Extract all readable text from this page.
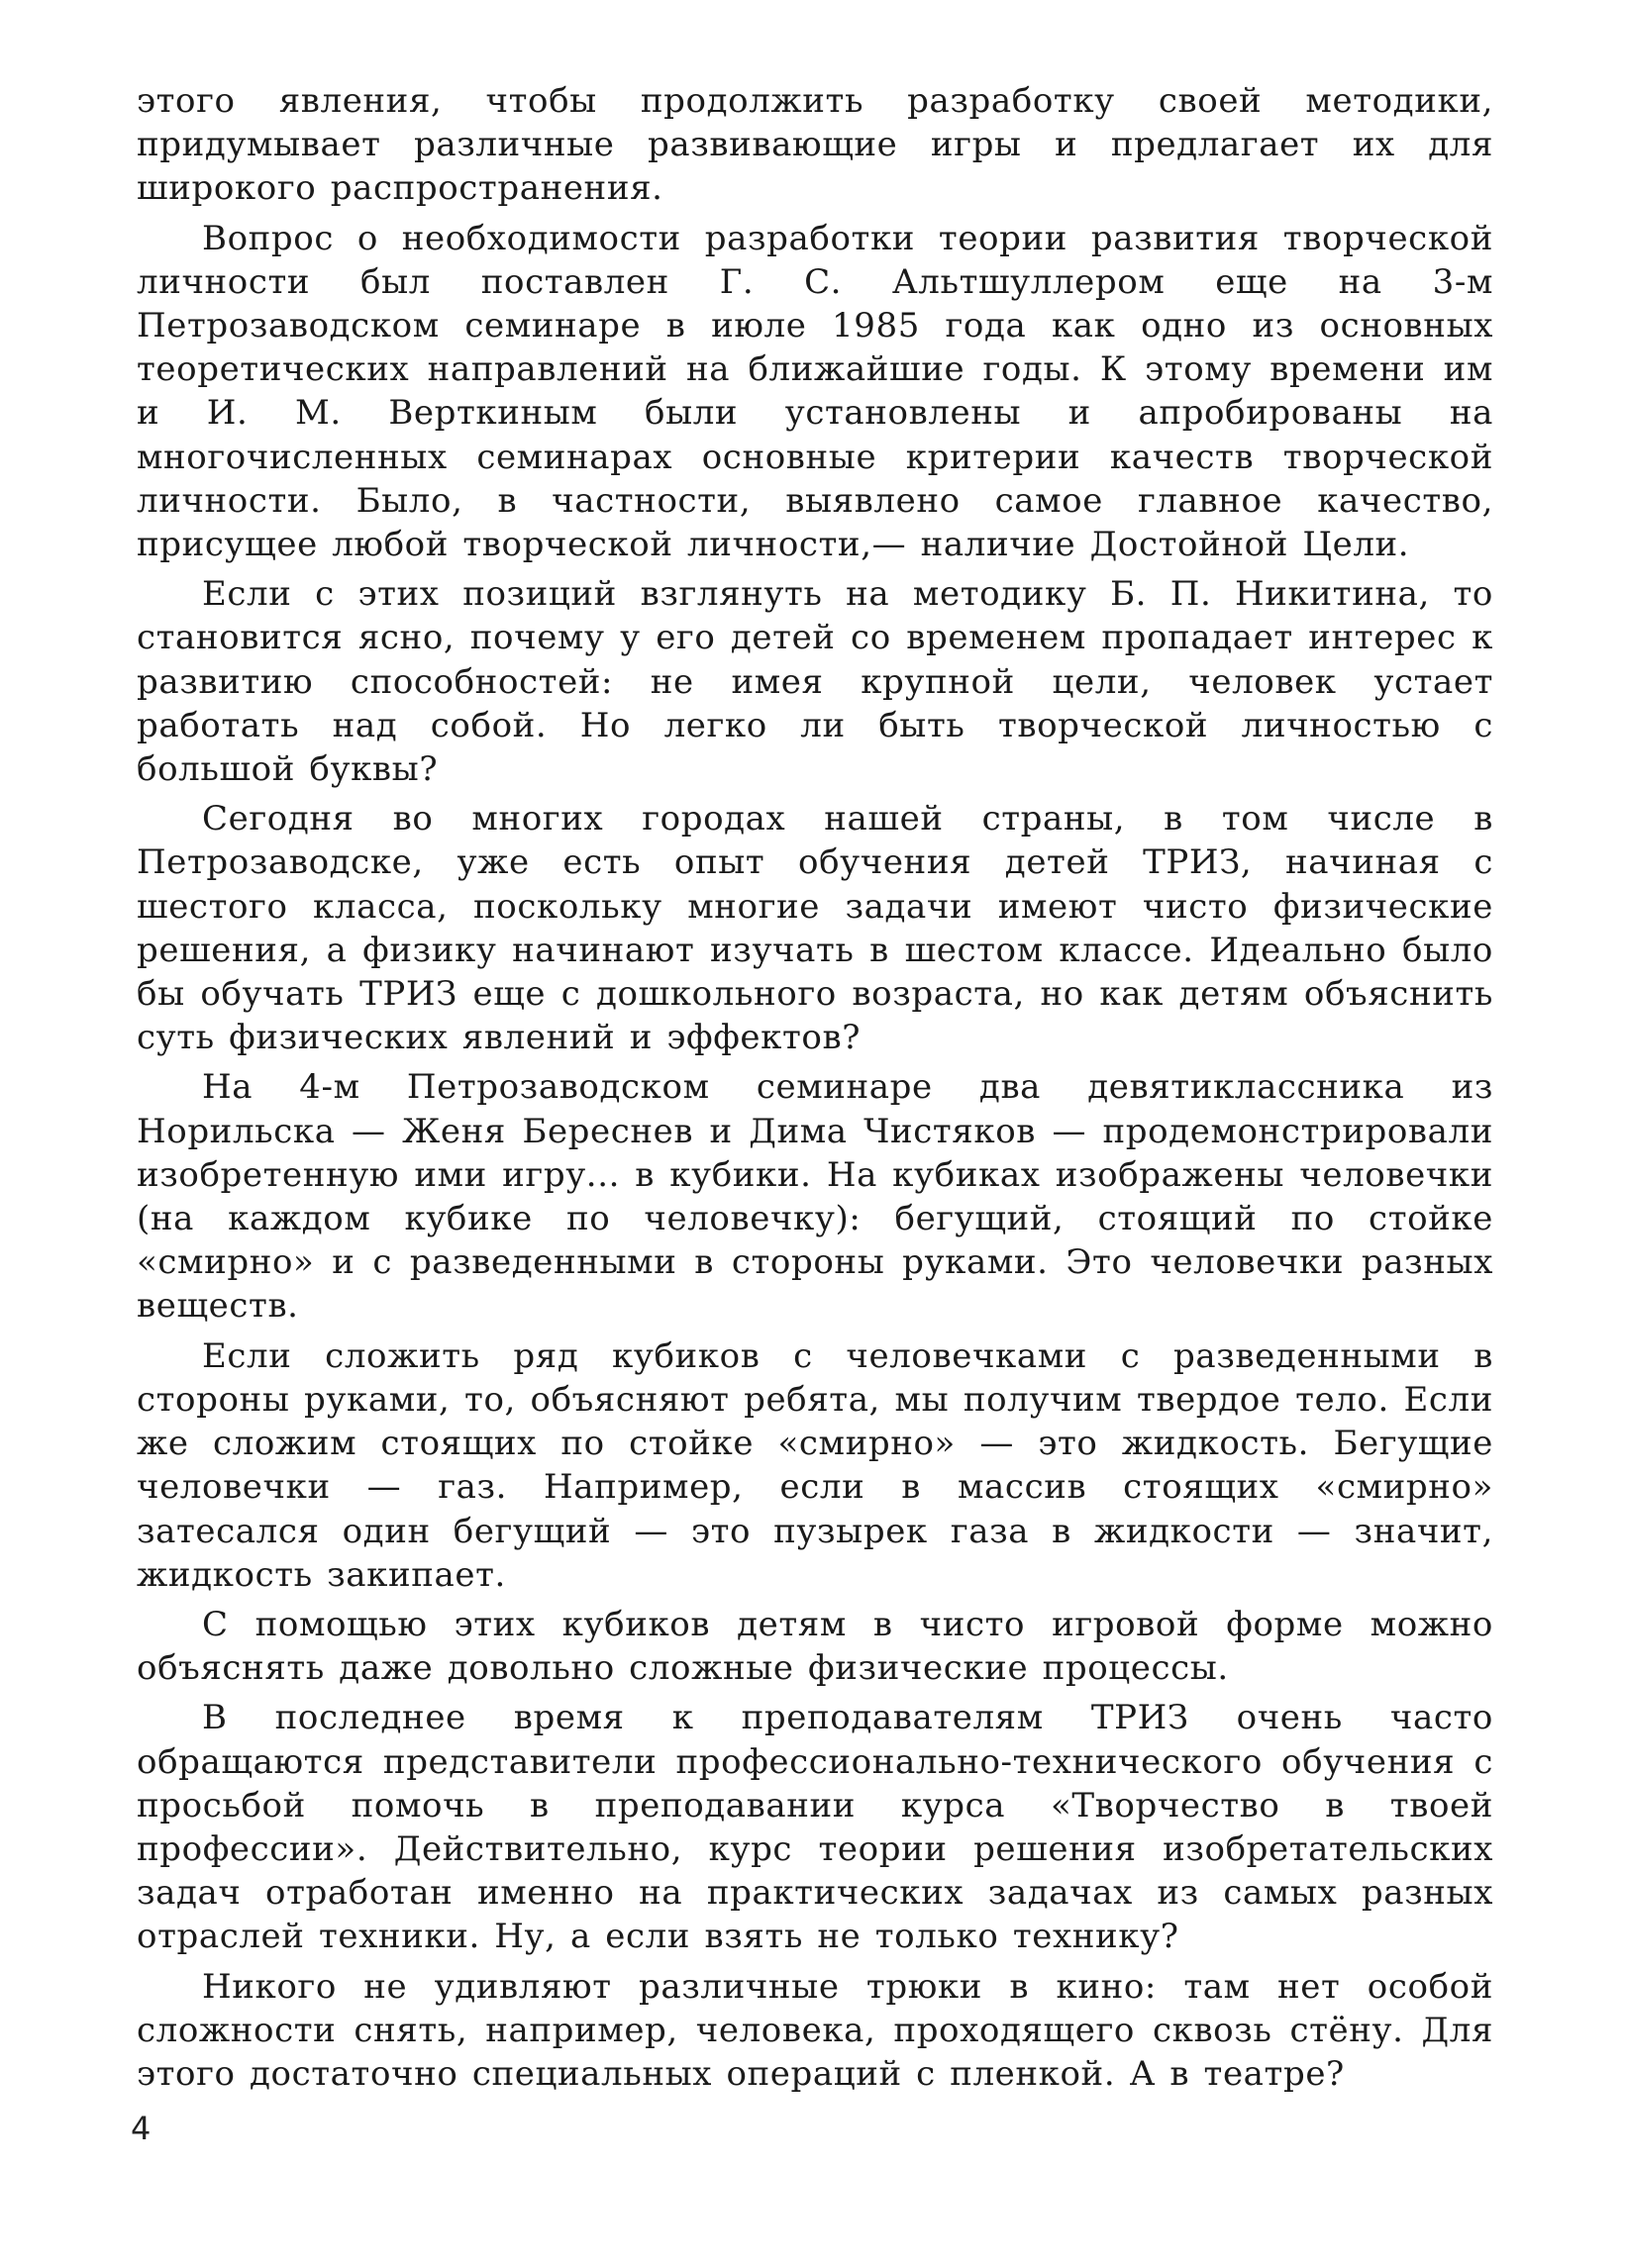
этого явления, чтобы продолжить разработку своей методики, придумывает различные развивающие игры и предлагает их для широкого распространения.

Вопрос о необходимости разработки теории развития творческой личности был поставлен Г. С. Альтшуллером еще на 3-м Петрозаводском семинаре в июле 1985 года как одно из основных теоретических направлений на ближайшие годы. К этому времени им и И. М. Верткиным были установлены и апробированы на многочисленных семинарах основные критерии качеств творческой личности. Было, в частности, выявлено самое главное качество, присущее любой творческой личности,— наличие Достойной Цели.

Если с этих позиций взглянуть на методику Б. П. Никитина, то становится ясно, почему у его детей со временем пропадает интерес к развитию способностей: не имея крупной цели, человек устает работать над собой. Но легко ли быть творческой личностью с большой буквы?

Сегодня во многих городах нашей страны, в том числе в Петрозаводске, уже есть опыт обучения детей ТРИЗ, начиная с шестого класса, поскольку многие задачи имеют чисто физические решения, а физику начинают изучать в шестом классе. Идеально было бы обучать ТРИЗ еще с дошкольного возраста, но как детям объяснить суть физических явлений и эффектов?

На 4-м Петрозаводском семинаре два девятиклассника из Норильска — Женя Береснев и Дима Чистяков — продемонстрировали изобретенную ими игру... в кубики. На кубиках изображены человечки (на каждом кубике по человечку): бегущий, стоящий по стойке «смирно» и с разведенными в стороны руками. Это человечки разных веществ.

Если сложить ряд кубиков с человечками с разведенными в стороны руками, то, объясняют ребята, мы получим твердое тело. Если же сложим стоящих по стойке «смирно» — это жидкость. Бегущие человечки — газ. Например, если в массив стоящих «смирно» затесался один бегущий — это пузырек газа в жидкости — значит, жидкость закипает.

С помощью этих кубиков детям в чисто игровой форме можно объяснять даже довольно сложные физические процессы.

В последнее время к преподавателям ТРИЗ очень часто обращаются представители профессионально-технического обучения с просьбой помочь в преподавании курса «Творчество в твоей профессии». Действительно, курс теории решения изобретательских задач отработан именно на практических задачах из самых разных отраслей техники. Ну, а если взять не только технику?

Никого не удивляют различные трюки в кино: там нет особой сложности снять, например, человека, проходящего сквозь стёну. Для этого достаточно специальных операций с пленкой. А в театре?

4
